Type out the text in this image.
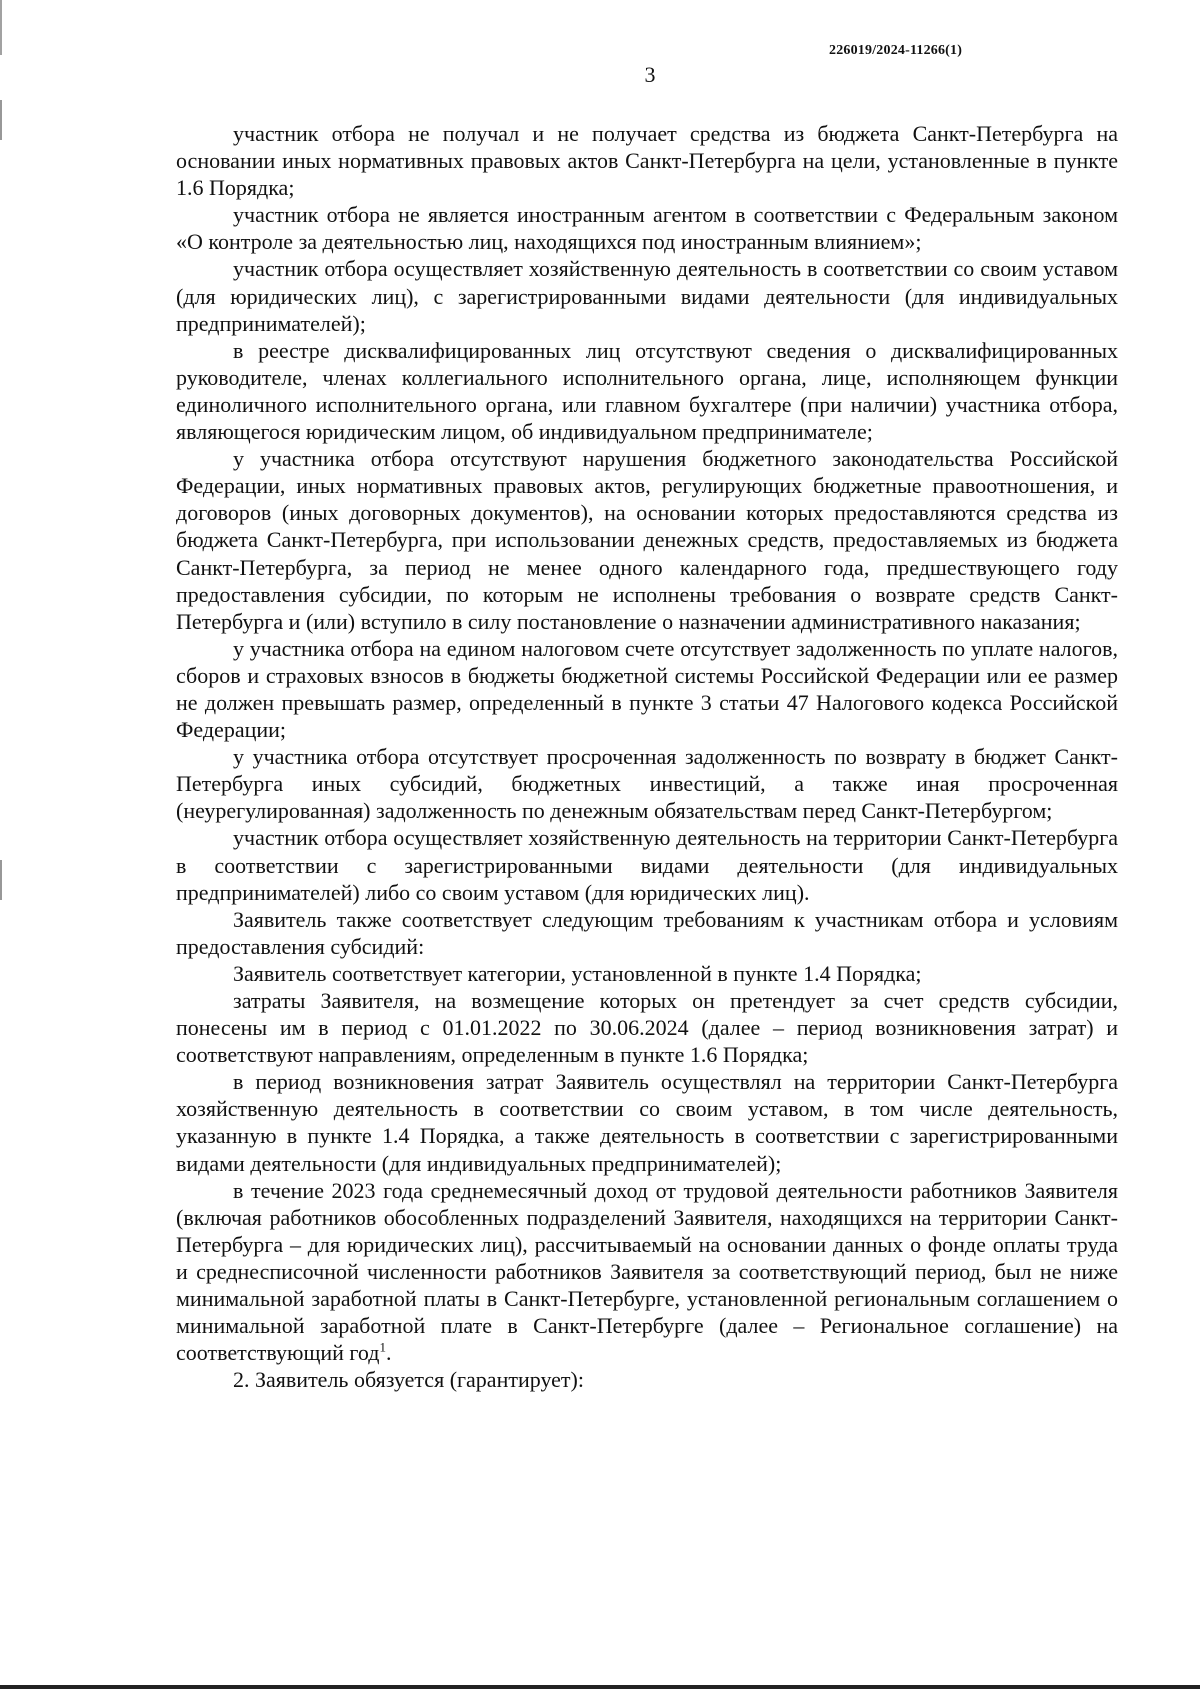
226019/2024-11266(1)
3

участник отбора не получал и не получает средства из бюджета Санкт-Петербурга на основании иных нормативных правовых актов Санкт-Петербурга на цели, установленные в пункте 1.6 Порядка;

участник отбора не является иностранным агентом в соответствии с Федеральным законом «О контроле за деятельностью лиц, находящихся под иностранным влиянием»;

участник отбора осуществляет хозяйственную деятельность в соответствии со своим уставом (для юридических лиц), с зарегистрированными видами деятельности (для индивидуальных предпринимателей);

в реестре дисквалифицированных лиц отсутствуют сведения о дисквалифицированных руководителе, членах коллегиального исполнительного органа, лице, исполняющем функции единоличного исполнительного органа, или главном бухгалтере (при наличии) участника отбора, являющегося юридическим лицом, об индивидуальном предпринимателе;

у участника отбора отсутствуют нарушения бюджетного законодательства Российской Федерации, иных нормативных правовых актов, регулирующих бюджетные правоотношения, и договоров (иных договорных документов), на основании которых предоставляются средства из бюджета Санкт-Петербурга, при использовании денежных средств, предоставляемых из бюджета Санкт-Петербурга, за период не менее одного календарного года, предшествующего году предоставления субсидии, по которым не исполнены требования о возврате средств Санкт-Петербурга и (или) вступило в силу постановление о назначении административного наказания;

у участника отбора на едином налоговом счете отсутствует задолженность по уплате налогов, сборов и страховых взносов в бюджеты бюджетной системы Российской Федерации или ее размер не должен превышать размер, определенный в пункте 3 статьи 47 Налогового кодекса Российской Федерации;

у участника отбора отсутствует просроченная задолженность по возврату в бюджет Санкт-Петербурга иных субсидий, бюджетных инвестиций, а также иная просроченная (неурегулированная) задолженность по денежным обязательствам перед Санкт-Петербургом;

участник отбора осуществляет хозяйственную деятельность на территории Санкт-Петербурга в соответствии с зарегистрированными видами деятельности (для индивидуальных предпринимателей) либо со своим уставом (для юридических лиц).

Заявитель также соответствует следующим требованиям к участникам отбора и условиям предоставления субсидий:

Заявитель соответствует категории, установленной в пункте 1.4 Порядка;

затраты Заявителя, на возмещение которых он претендует за счет средств субсидии, понесены им в период с 01.01.2022 по 30.06.2024 (далее – период возникновения затрат) и соответствуют направлениям, определенным в пункте 1.6 Порядка;

в период возникновения затрат Заявитель осуществлял на территории Санкт-Петербурга хозяйственную деятельность в соответствии со своим уставом, в том числе деятельность, указанную в пункте 1.4 Порядка, а также деятельность в соответствии с зарегистрированными видами деятельности (для индивидуальных предпринимателей);

в течение 2023 года среднемесячный доход от трудовой деятельности работников Заявителя (включая работников обособленных подразделений Заявителя, находящихся на территории Санкт-Петербурга – для юридических лиц), рассчитываемый на основании данных о фонде оплаты труда и среднесписочной численности работников Заявителя за соответствующий период, был не ниже минимальной заработной платы в Санкт-Петербурге, установленной региональным соглашением о минимальной заработной плате в Санкт-Петербурге (далее – Региональное соглашение) на соответствующий год$^1$.

2. Заявитель обязуется (гарантирует):
